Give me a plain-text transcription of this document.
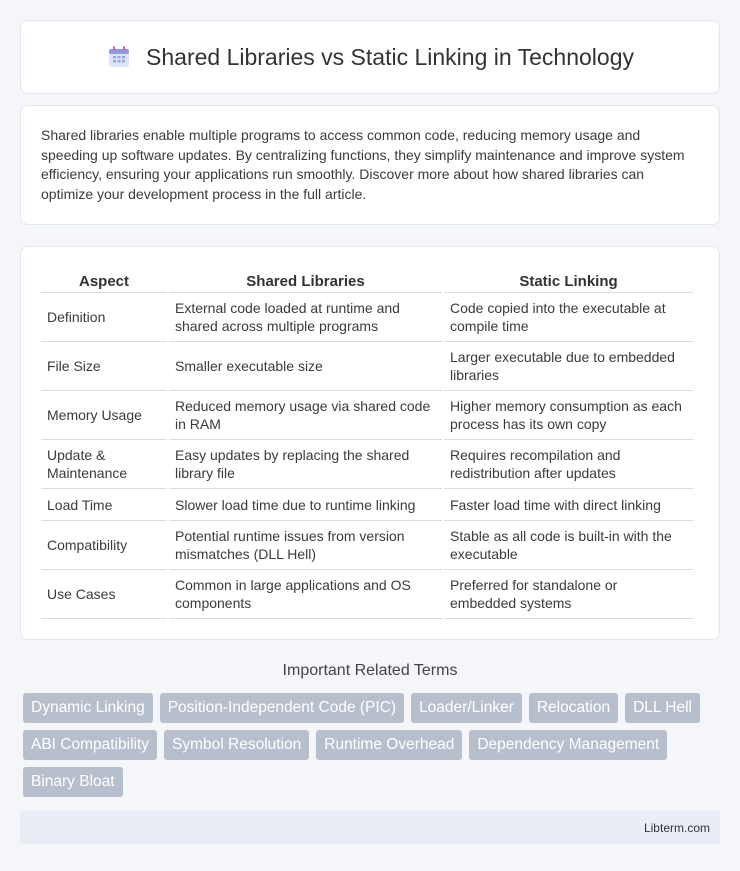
Shared Libraries vs Static Linking in Technology

Shared libraries enable multiple programs to access common code, reducing memory usage and speeding up software updates. By centralizing functions, they simplify maintenance and improve system efficiency, ensuring your applications run smoothly. Discover more about how shared libraries can optimize your development process in the full article.

Aspect	Shared Libraries	Static Linking
Definition	External code loaded at runtime and shared across multiple programs	Code copied into the executable at compile time
File Size	Smaller executable size	Larger executable due to embedded libraries
Memory Usage	Reduced memory usage via shared code in RAM	Higher memory consumption as each process has its own copy
Update & Maintenance	Easy updates by replacing the shared library file	Requires recompilation and redistribution after updates
Load Time	Slower load time due to runtime linking	Faster load time with direct linking
Compatibility	Potential runtime issues from version mismatches (DLL Hell)	Stable as all code is built-in with the executable
Use Cases	Common in large applications and OS components	Preferred for standalone or embedded systems
Important Related Terms
Dynamic Linking	Position-Independent Code (PIC)	Loader/Linker	Relocation	DLL Hell
ABI Compatibility	Symbol Resolution	Runtime Overhead	Dependency Management
Binary Bloat
Libterm.com
